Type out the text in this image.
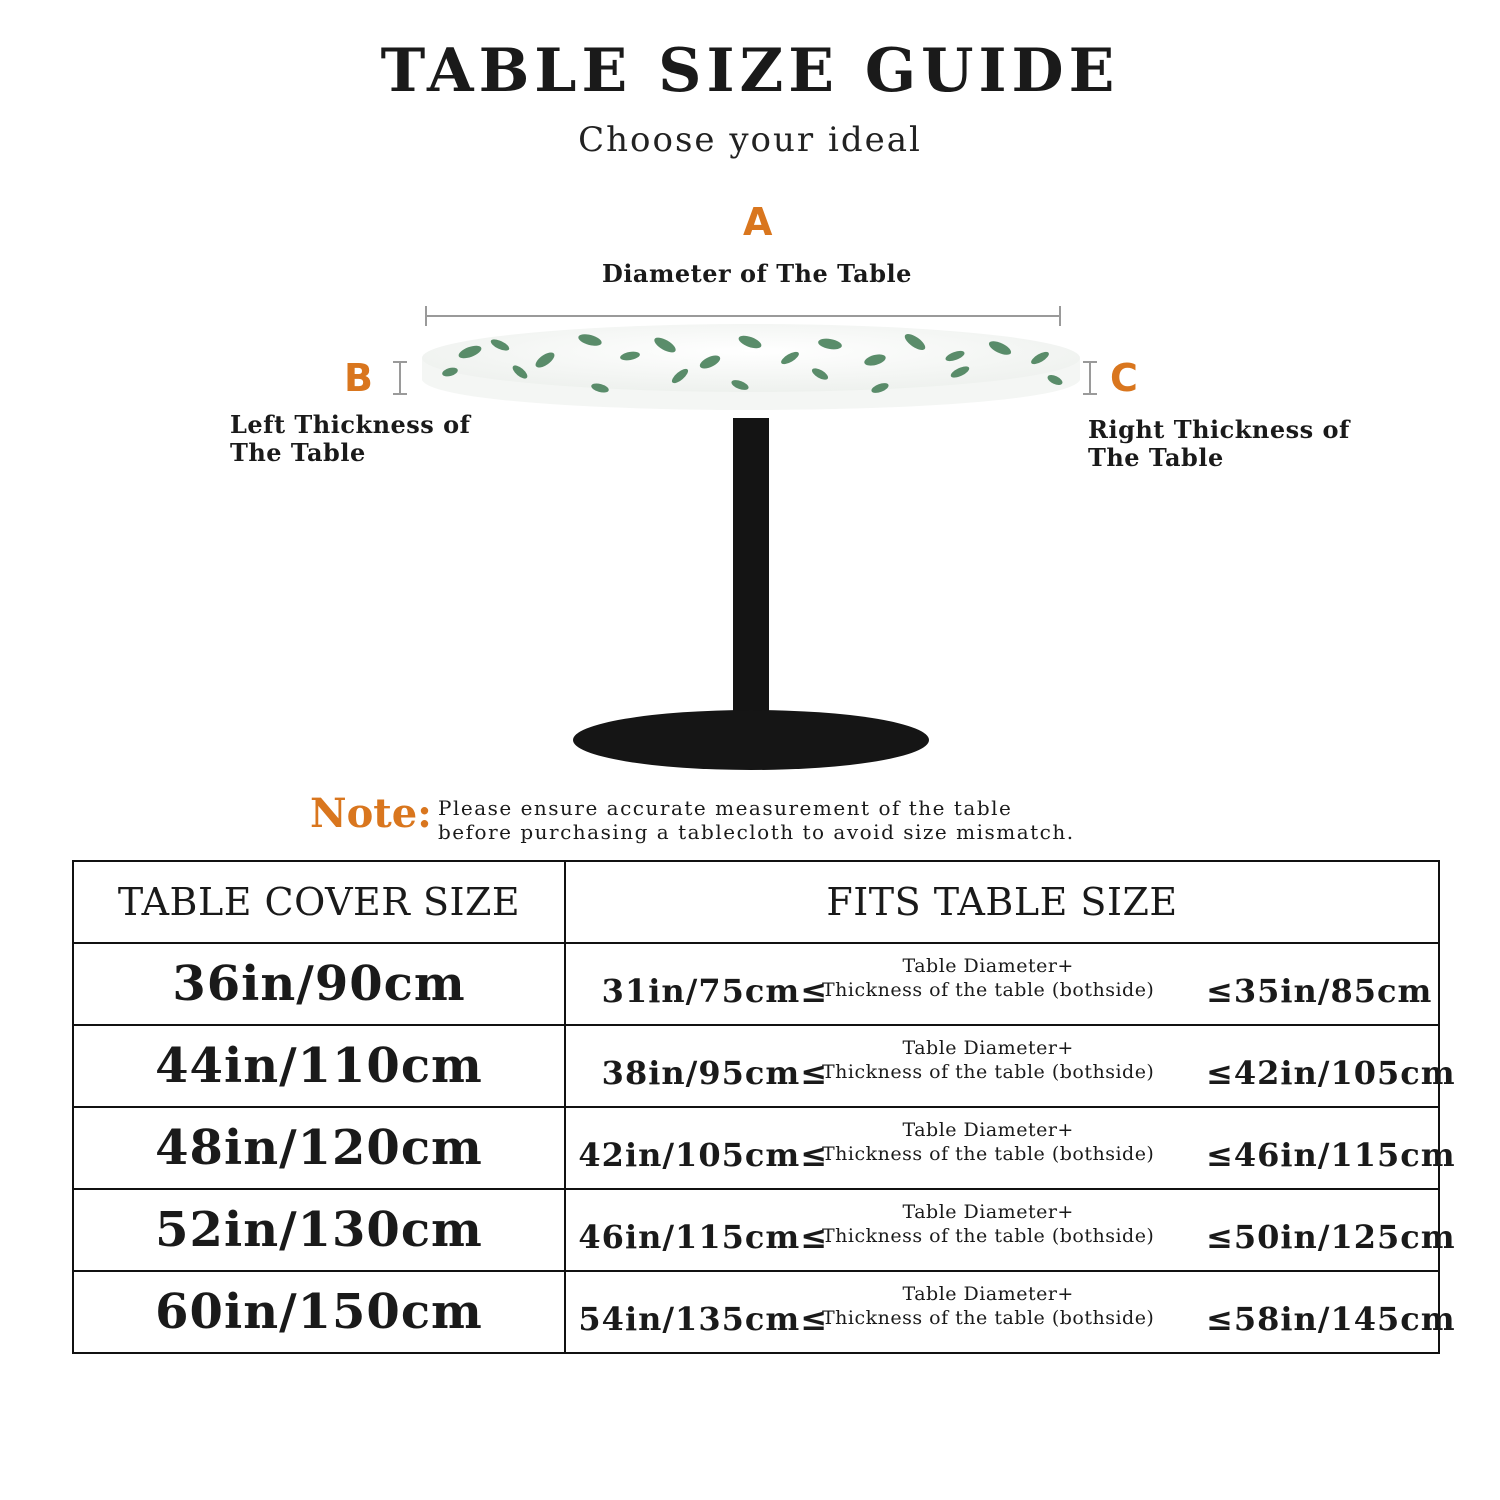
TABLE SIZE GUIDE
Choose your ideal
A
Diameter of The Table
B
Left Thickness of
The Table
C
Right Thickness of
The Table
Note: Please ensure accurate measurement of the table
before purchasing a tablecloth to avoid size mismatch.
TABLE COVER SIZE	FITS TABLE SIZE
36in/90cm	31in/75cm≤
Table Diameter+
Thickness of the table (bothside) ≤35in/85cm

44in/110cm	38in/95cm≤
Table Diameter+
Thickness of the table (bothside) ≤42in/105cm

48in/120cm	42in/105cm≤
Table Diameter+
Thickness of the table (bothside) ≤46in/115cm

52in/130cm	46in/115cm≤
Table Diameter+
Thickness of the table (bothside) ≤50in/125cm

60in/150cm	54in/135cm≤
Table Diameter+
Thickness of the table (bothside) ≤58in/145cm
